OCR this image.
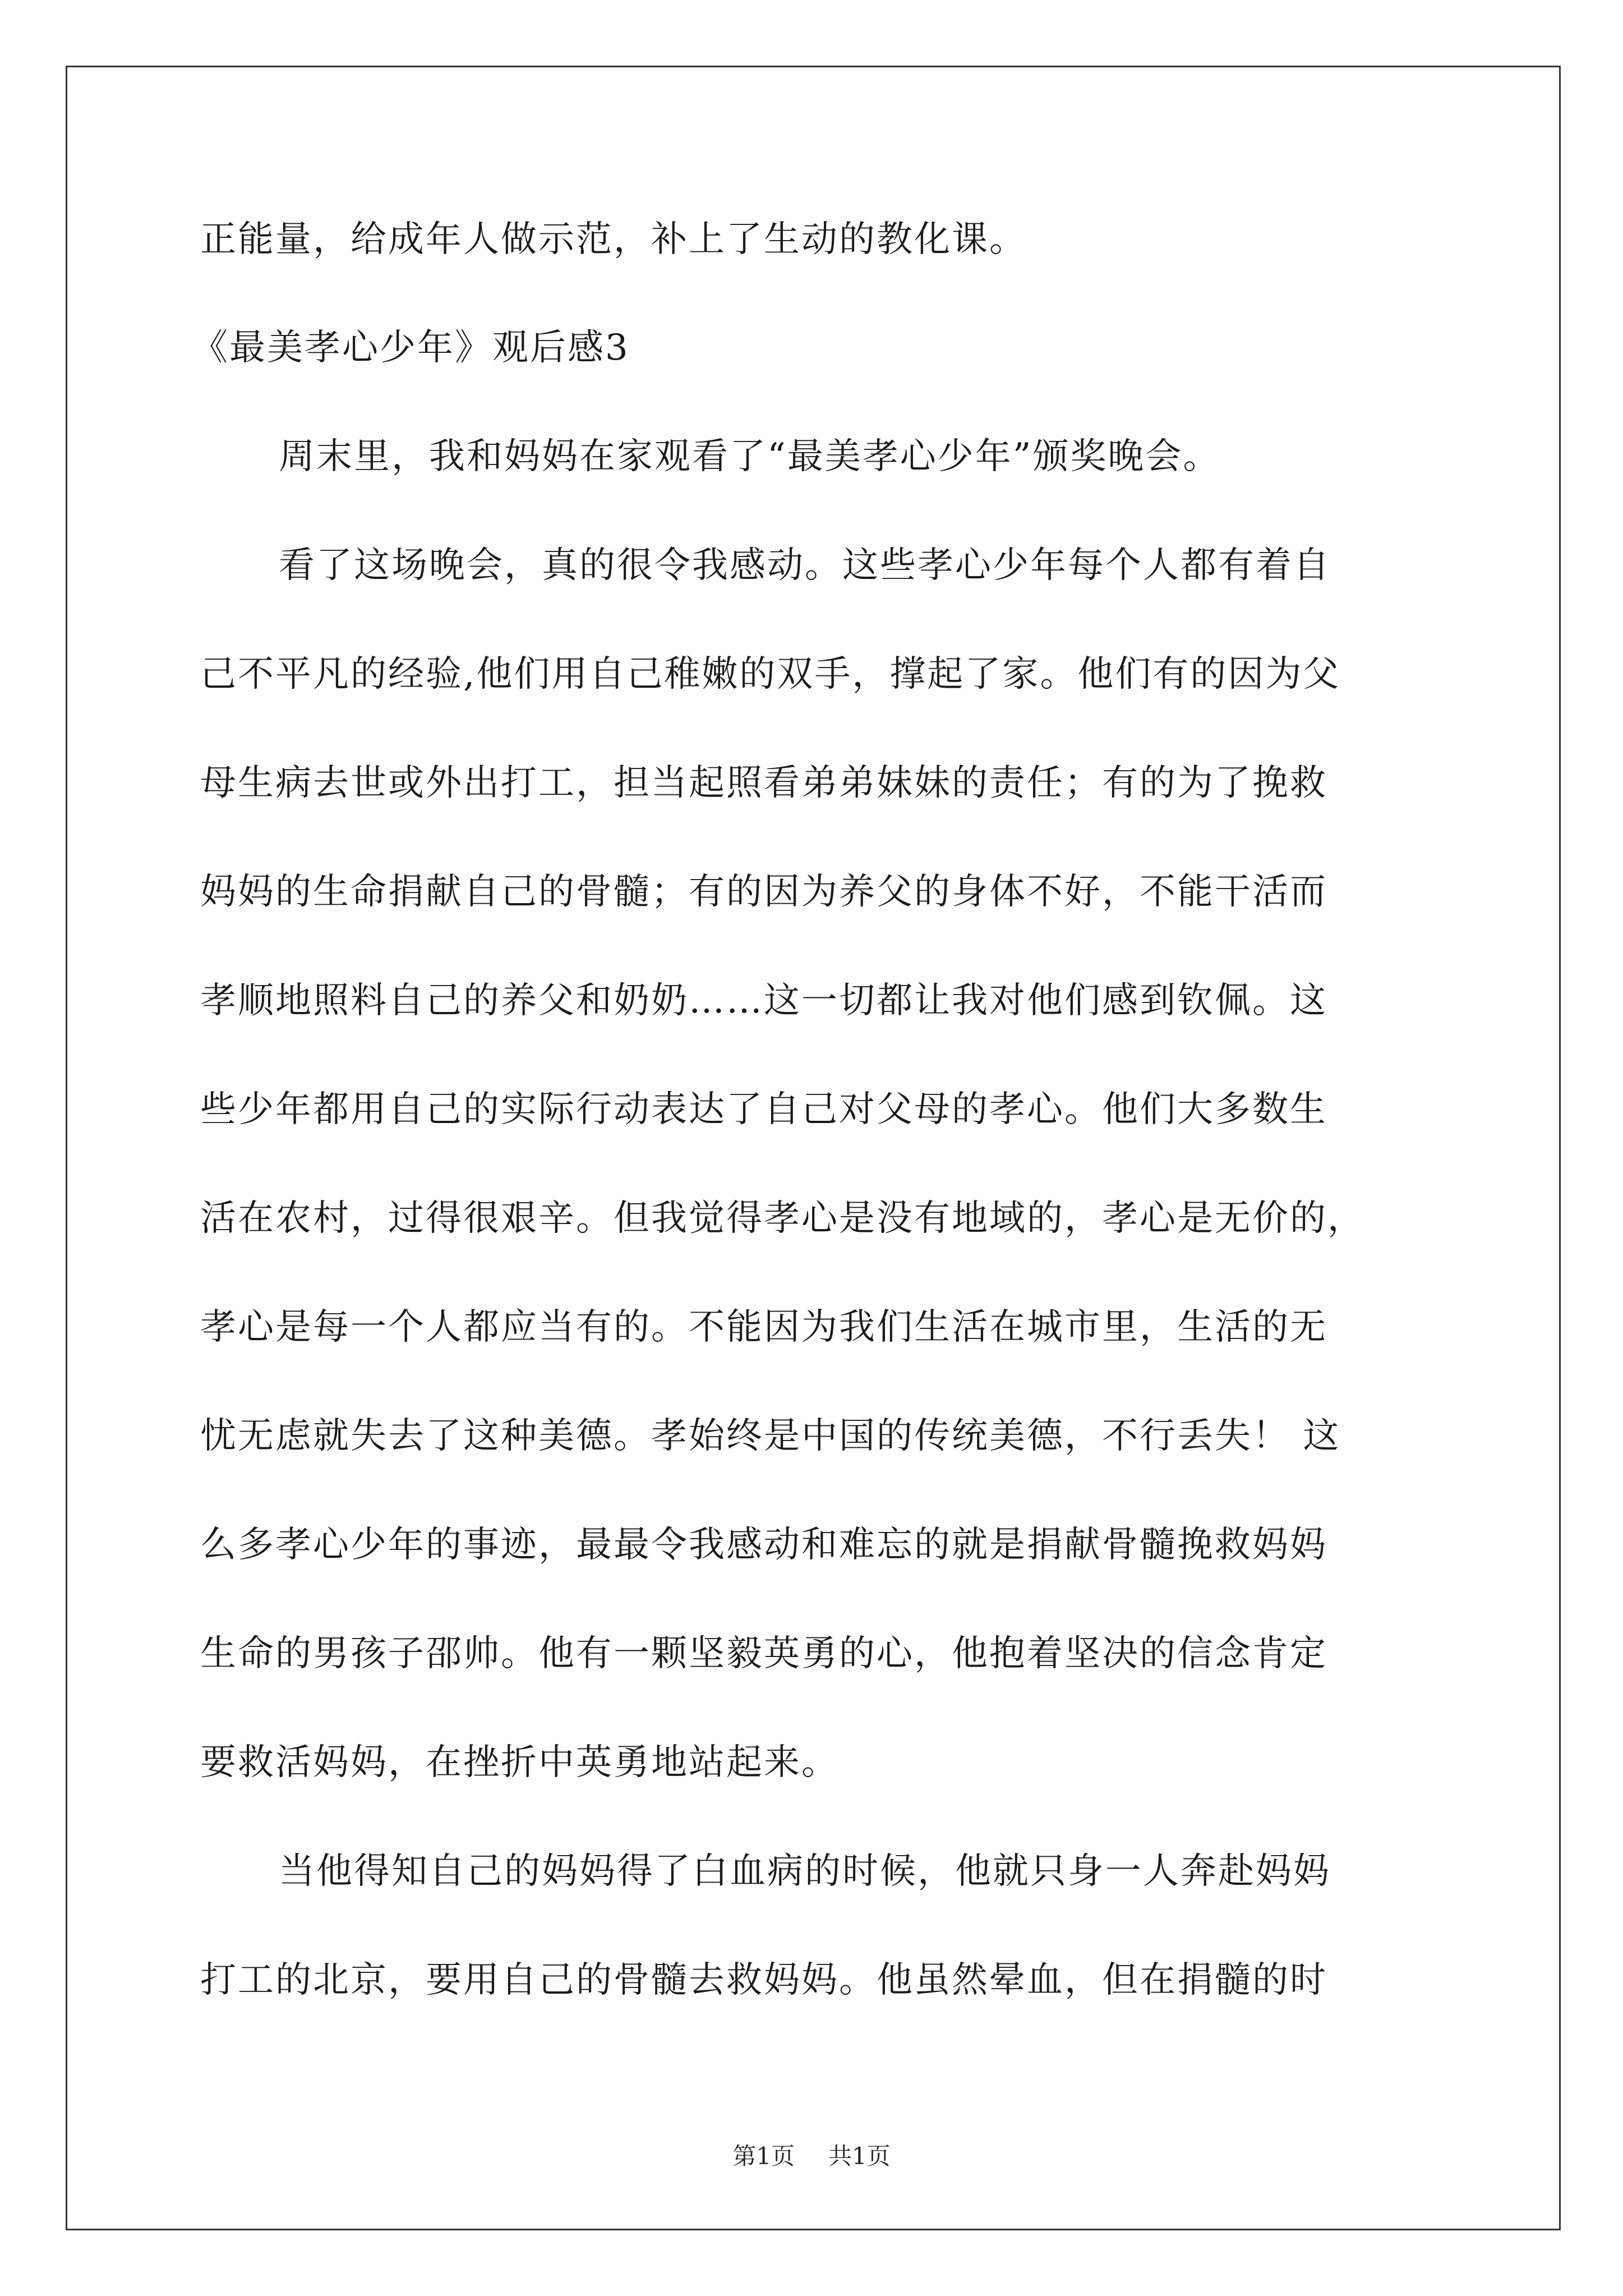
正能量，给成年人做示范，补上了生动的教化课。

《最美孝心少年》观后感3

周末里，我和妈妈在家观看了“最美孝心少年”颁奖晚会。

看了这场晚会，真的很令我感动。这些孝心少年每个人都有着自

己不平凡的经验,他们用自己稚嫩的双手，撑起了家。他们有的因为父

母生病去世或外出打工，担当起照看弟弟妹妹的责任；有的为了挽救

妈妈的生命捐献自己的骨髓；有的因为养父的身体不好，不能干活而

孝顺地照料自己的养父和奶奶……这一切都让我对他们感到钦佩。这

些少年都用自己的实际行动表达了自己对父母的孝心。他们大多数生

活在农村，过得很艰辛。但我觉得孝心是没有地域的，孝心是无价的，

孝心是每一个人都应当有的。不能因为我们生活在城市里，生活的无

忧无虑就失去了这种美德。孝始终是中国的传统美德，不行丢失！ 这

么多孝心少年的事迹，最最令我感动和难忘的就是捐献骨髓挽救妈妈

生命的男孩子邵帅。他有一颗坚毅英勇的心，他抱着坚决的信念肯定

要救活妈妈，在挫折中英勇地站起来。

当他得知自己的妈妈得了白血病的时候，他就只身一人奔赴妈妈

打工的北京，要用自己的骨髓去救妈妈。他虽然晕血，但在捐髓的时

第1页 共1页
